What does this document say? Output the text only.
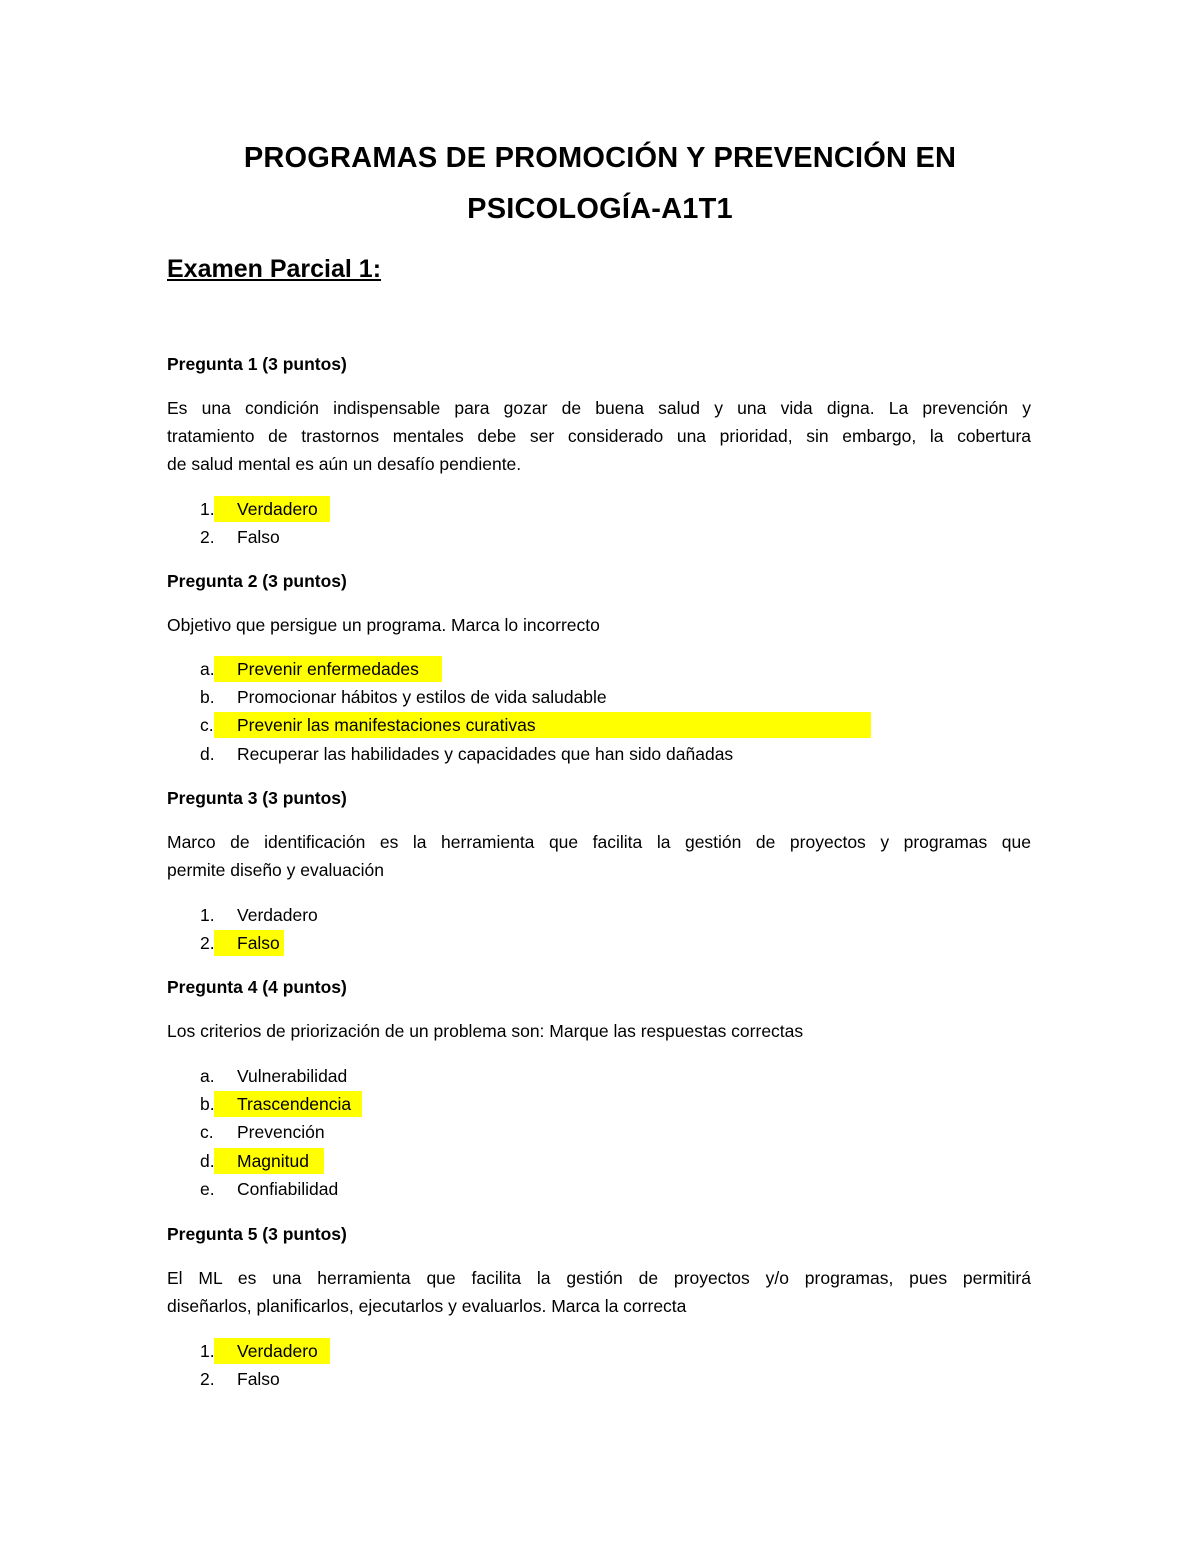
PROGRAMAS DE PROMOCIÓN Y PREVENCIÓN EN
PSICOLOGÍA-A1T1
Examen Parcial 1:

Pregunta 1 (3 puntos)

Es una condición indispensable para gozar de buena salud y una vida digna. La prevención y

tratamiento de trastornos mentales debe ser considerado una prioridad, sin embargo, la cobertura

de salud mental es aún un desafío pendiente.

1.	Verdadero
2.	Falso

Pregunta 2 (3 puntos)

Objetivo que persigue un programa. Marca lo incorrecto

a.	Prevenir enfermedades
b.	Promocionar hábitos y estilos de vida saludable
c.	Prevenir las manifestaciones curativas
d.	Recuperar las habilidades y capacidades que han sido dañadas

Pregunta 3 (3 puntos)

Marco de identificación es la herramienta que facilita la gestión de proyectos y programas que

permite diseño y evaluación

1.	Verdadero
2.	Falso

Pregunta 4 (4 puntos)

Los criterios de priorización de un problema son: Marque las respuestas correctas

a.	Vulnerabilidad
b.	Trascendencia
c.	Prevención
d.	Magnitud
e.	Confiabilidad

Pregunta 5 (3 puntos)

El ML es una herramienta que facilita la gestión de proyectos y/o programas, pues permitirá

diseñarlos, planificarlos, ejecutarlos y evaluarlos. Marca la correcta

1.	Verdadero
2.	Falso
